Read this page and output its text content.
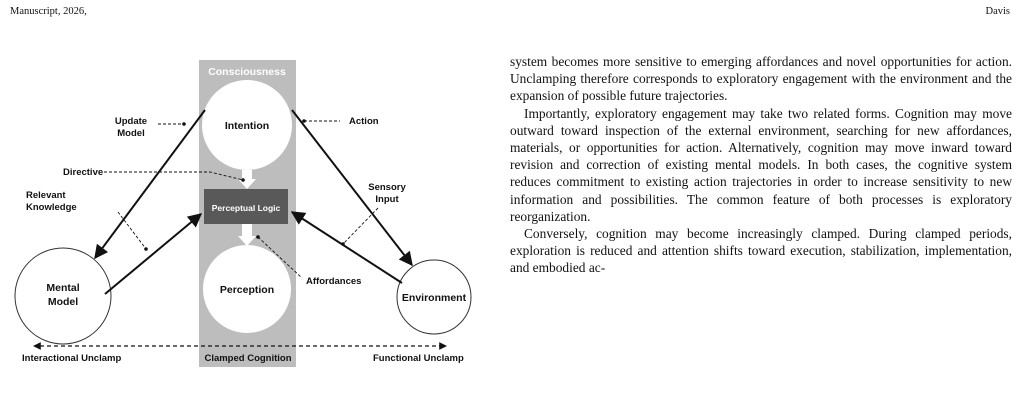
Manuscript, 2026,	Davis
Consciousness
Intention
Perceptual Logic
Perception
Mental
Model	Environment
Update
Model
Action
Directive
Relevant
Knowledge
Sensory
Input
Affordances
Interactional Unclamp	Clamped Cognition	Functional Unclamp

system becomes more sensitive to emerging affordances and novel opportunities for action. Unclamping therefore corresponds to exploratory engagement with the environment and the expansion of possible future trajectories.

Importantly, exploratory engagement may take two related forms. Cognition may move outward toward inspection of the external environment, searching for new affordances, materials, or opportunities for action. Alternatively, cognition may move inward toward revision and correction of existing mental models. In both cases, the cognitive system reduces commitment to existing action trajectories in order to increase sensitivity to new information and possibilities. The common feature of both processes is exploratory reorganization.

Conversely, cognition may become increasingly clamped. During clamped periods, exploration is reduced and attention shifts toward execution, stabilization, implementation, and embodied ac-
